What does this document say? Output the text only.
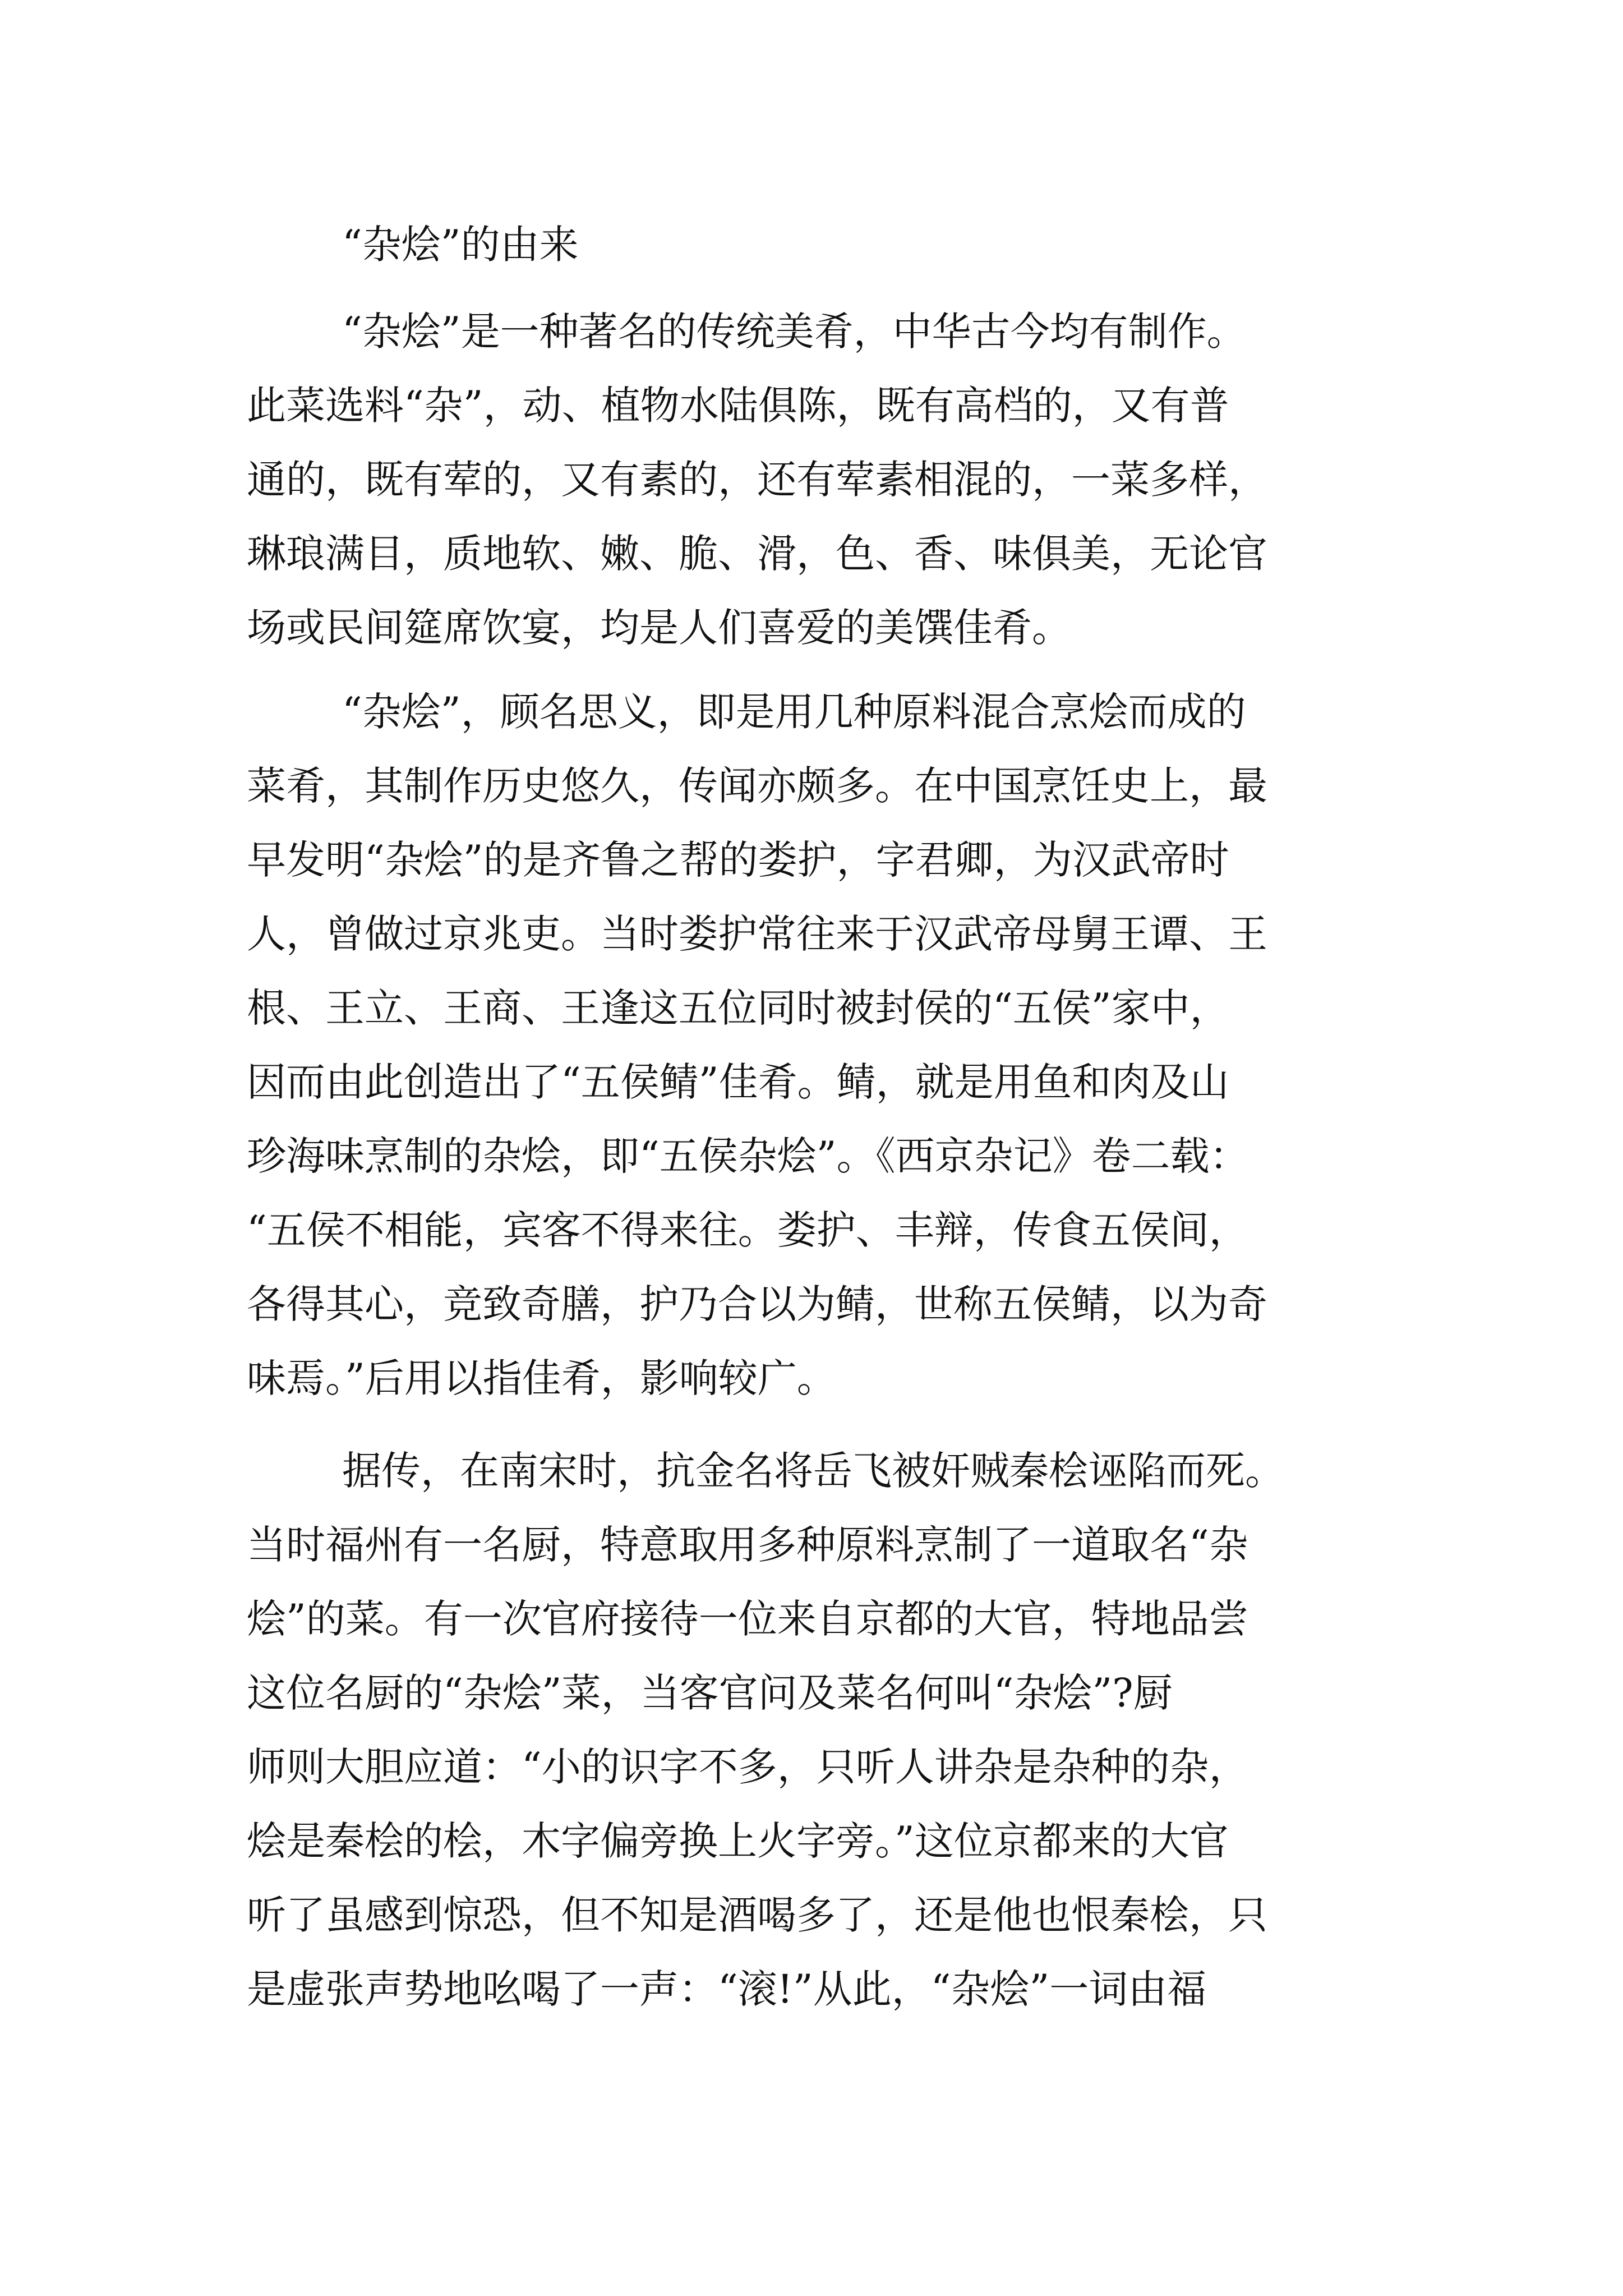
“杂烩”的由来

“杂烩”是一种著名的传统美肴，中华古今均有制作。

此菜选料“杂”，动、植物水陆俱陈，既有高档的，又有普

通的，既有荤的，又有素的，还有荤素相混的，一菜多样，

琳琅满目，质地软、嫩、脆、滑，色、香、味俱美，无论官

场或民间筵席饮宴，均是人们喜爱的美馔佳肴。

“杂烩”，顾名思义，即是用几种原料混合烹烩而成的

菜肴，其制作历史悠久，传闻亦颇多。在中国烹饪史上，最

早发明“杂烩”的是齐鲁之帮的娄护，字君卿，为汉武帝时

人，曾做过京兆吏。当时娄护常往来于汉武帝母舅王谭、王

根、王立、王商、王逢这五位同时被封侯的“五侯”家中，

因而由此创造出了“五侯鲭”佳肴。鲭，就是用鱼和肉及山

珍海味烹制的杂烩，即“五侯杂烩”。《西京杂记》卷二载：

“五侯不相能，宾客不得来往。娄护、丰辩，传食五侯间，

各得其心，竞致奇膳，护乃合以为鲭，世称五侯鲭，以为奇

味焉。”后用以指佳肴，影响较广。

据传，在南宋时，抗金名将岳飞被奸贼秦桧诬陷而死。

当时福州有一名厨，特意取用多种原料烹制了一道取名“杂

烩”的菜。有一次官府接待一位来自京都的大官，特地品尝

这位名厨的“杂烩”菜，当客官问及菜名何叫“杂烩”?厨

师则大胆应道：“小的识字不多，只听人讲杂是杂种的杂，

烩是秦桧的桧，木字偏旁换上火字旁。”这位京都来的大官

听了虽感到惊恐，但不知是酒喝多了，还是他也恨秦桧，只

是虚张声势地吆喝了一声：“滚!”从此，“杂烩”一词由福
